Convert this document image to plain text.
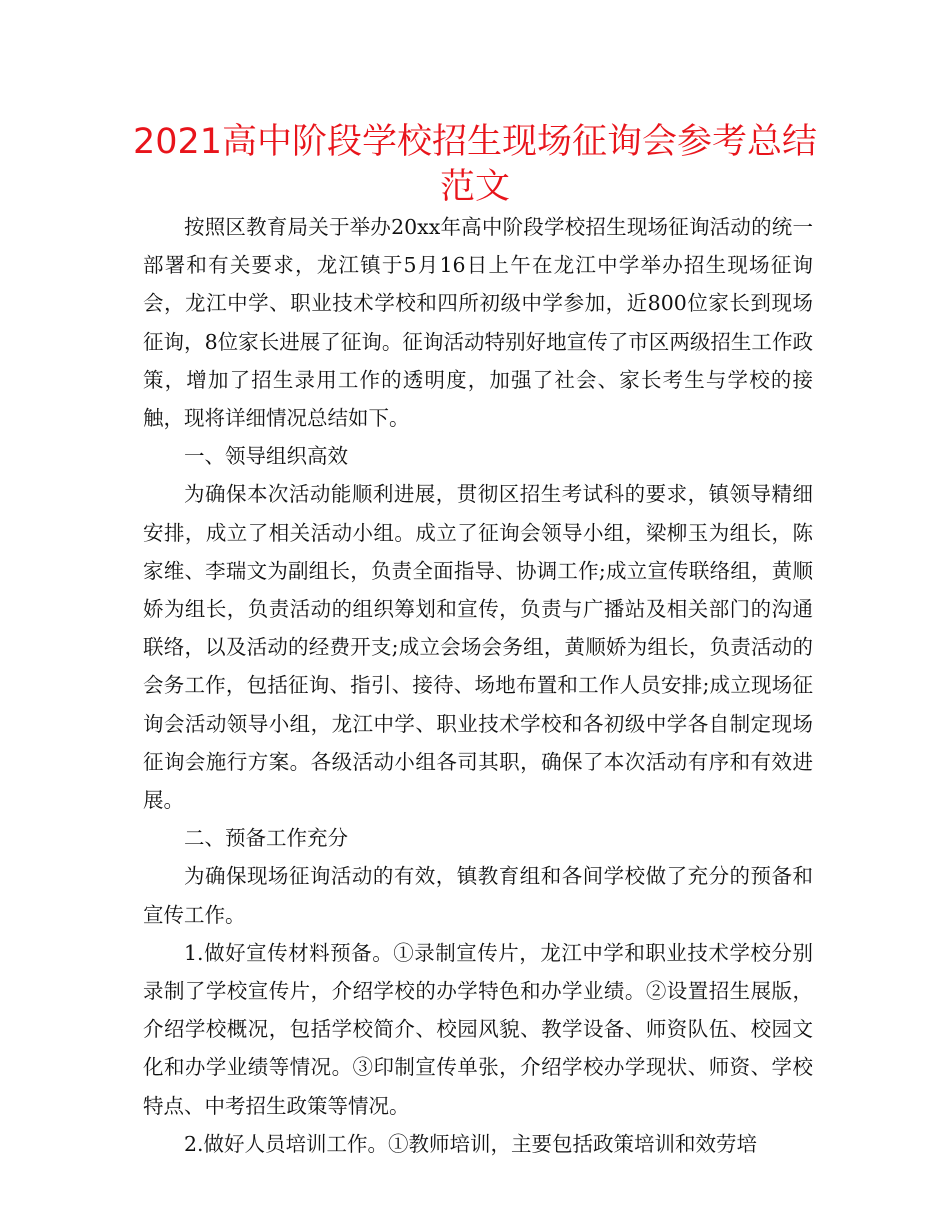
2021高中阶段学校招生现场征询会参考总结范文

按照区教育局关于举办20xx年高中阶段学校招生现场征询活动的统一部署和有关要求，龙江镇于5月16日上午在龙江中学举办招生现场征询会，龙江中学、职业技术学校和四所初级中学参加，近800位家长到现场征询，8位家长进展了征询。征询活动特别好地宣传了市区两级招生工作政策，增加了招生录用工作的透明度，加强了社会、家长考生与学校的接触，现将详细情况总结如下。

一、领导组织高效

为确保本次活动能顺利进展，贯彻区招生考试科的要求，镇领导精细安排，成立了相关活动小组。成立了征询会领导小组，梁柳玉为组长，陈家维、李瑞文为副组长，负责全面指导、协调工作;成立宣传联络组，黄顺娇为组长，负责活动的组织筹划和宣传，负责与广播站及相关部门的沟通联络，以及活动的经费开支;成立会场会务组，黄顺娇为组长，负责活动的会务工作，包括征询、指引、接待、场地布置和工作人员安排;成立现场征询会活动领导小组，龙江中学、职业技术学校和各初级中学各自制定现场征询会施行方案。各级活动小组各司其职，确保了本次活动有序和有效进展。

二、预备工作充分

为确保现场征询活动的有效，镇教育组和各间学校做了充分的预备和宣传工作。

1.做好宣传材料预备。①录制宣传片，龙江中学和职业技术学校分别录制了学校宣传片，介绍学校的办学特色和办学业绩。②设置招生展版，介绍学校概况，包括学校简介、校园风貌、教学设备、师资队伍、校园文化和办学业绩等情况。③印制宣传单张，介绍学校办学现状、师资、学校特点、中考招生政策等情况。

2.做好人员培训工作。①教师培训，主要包括政策培训和效劳培
